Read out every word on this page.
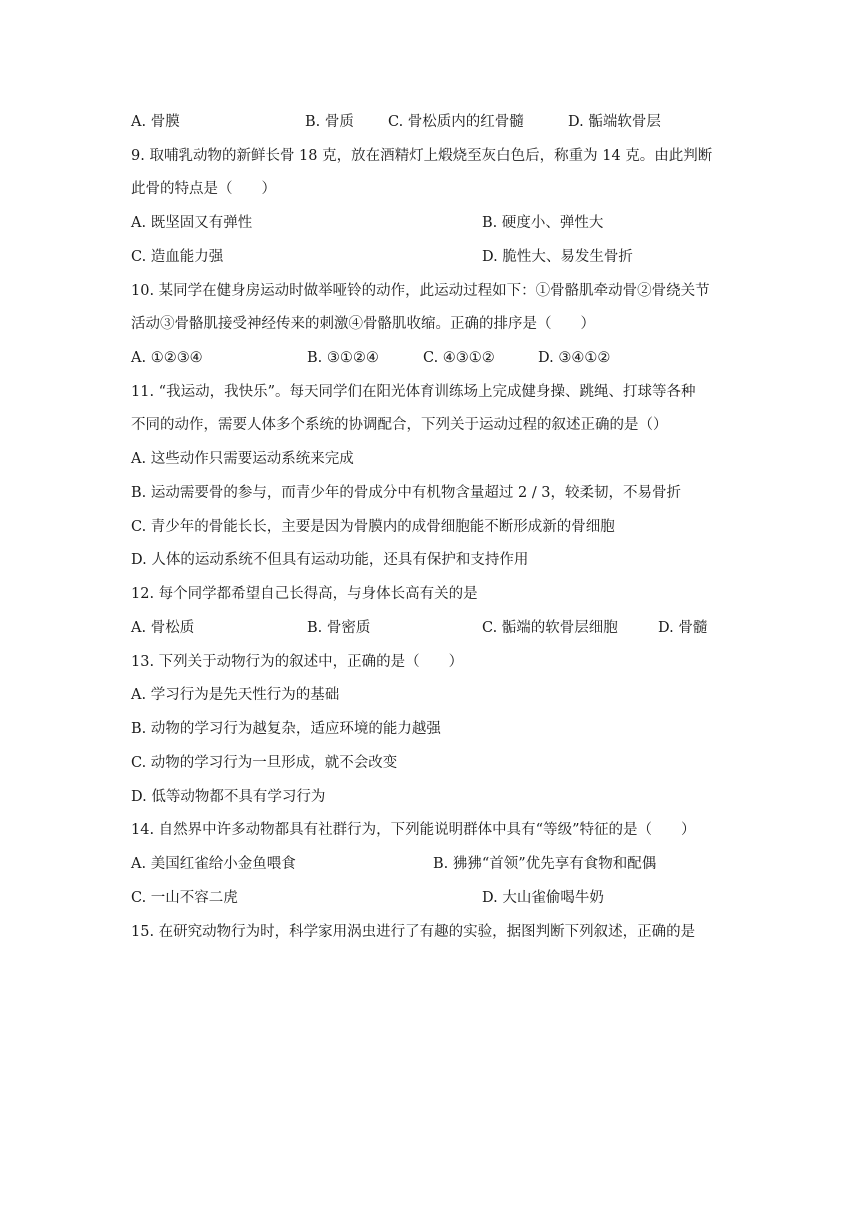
A. 骨膜	B. 骨质 C. 骨松质内的红骨髓	D. 骺端软骨层
9. 取哺乳动物的新鲜长骨 18 克，放在酒精灯上煅烧至灰白色后，称重为 14 克。由此判断
此骨的特点是（　　）
A. 既坚固又有弹性	B. 硬度小、弹性大
C. 造血能力强	D. 脆性大、易发生骨折
10. 某同学在健身房运动时做举哑铃的动作，此运动过程如下：①骨骼肌牵动骨②骨绕关节
活动③骨骼肌接受神经传来的刺激④骨骼肌收缩。正确的排序是（　　）
A. ①②③④	B. ③①②④	C. ④③①②	D. ③④①②
11. “我运动，我快乐”。每天同学们在阳光体育训练场上完成健身操、跳绳、打球等各种
不同的动作，需要人体多个系统的协调配合，下列关于运动过程的叙述正确的是（）
A. 这些动作只需要运动系统来完成
B. 运动需要骨的参与，而青少年的骨成分中有机物含量超过 2 / 3，较柔韧，不易骨折
C. 青少年的骨能长长，主要是因为骨膜内的成骨细胞能不断形成新的骨细胞
D. 人体的运动系统不但具有运动功能，还具有保护和支持作用
12. 每个同学都希望自己长得高，与身体长高有关的是
A. 骨松质	B. 骨密质	C. 骺端的软骨层细胞	D. 骨髓
13. 下列关于动物行为的叙述中，正确的是（　　）
A. 学习行为是先天性行为的基础
B. 动物的学习行为越复杂，适应环境的能力越强
C. 动物的学习行为一旦形成，就不会改变
D. 低等动物都不具有学习行为
14. 自然界中许多动物都具有社群行为，下列能说明群体中具有“等级”特征的是（　　）
A. 美国红雀给小金鱼喂食	B. 狒狒“首领”优先享有食物和配偶
C. 一山不容二虎	D. 大山雀偷喝牛奶
15. 在研究动物行为时，科学家用涡虫进行了有趣的实验，据图判断下列叙述，正确的是
